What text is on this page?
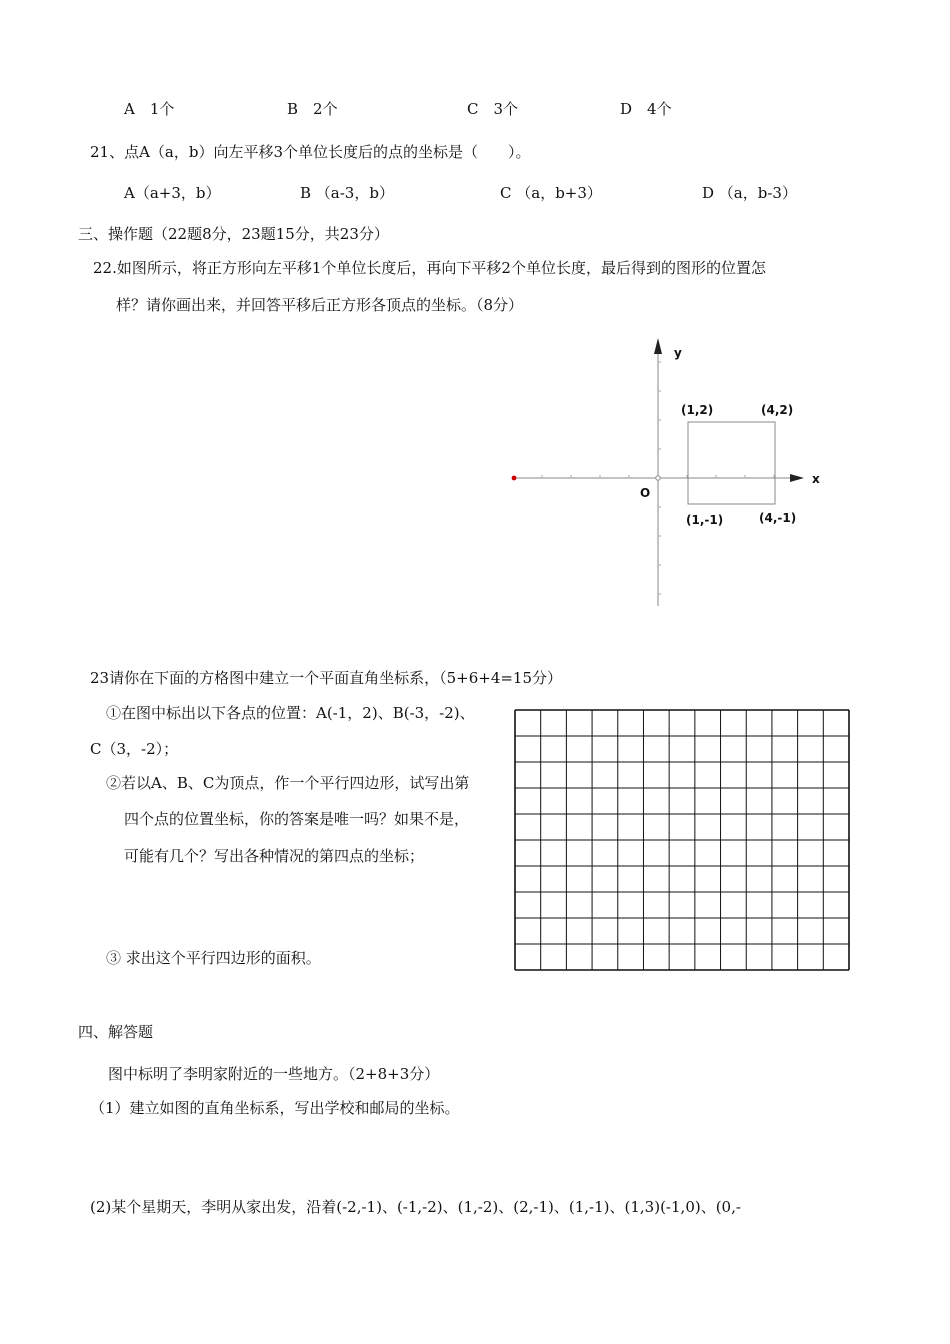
A　1个	B　2个	C　3个	D　4个
21、点A（a，b）向左平移3个单位长度后的点的坐标是（　　）。
A（a+3，b）	B （a-3，b）	C （a，b+3）	D （a，b-3）
三、操作题（22题8分，23题15分，共23分）
22.如图所示，将正方形向左平移1个单位长度后，再向下平移2个单位长度，最后得到的图形的位置怎
样？请你画出来，并回答平移后正方形各顶点的坐标。（8分）
y
x
O
(1,2)	(4,2)
(1,-1)	(4,-1)
23请你在下面的方格图中建立一个平面直角坐标系，（5+6+4=15分）
①在图中标出以下各点的位置：A(-1，2)、B(-3，-2)、
C（3，-2）；
②若以A、B、C为顶点，作一个平行四边形，试写出第
四个点的位置坐标，你的答案是唯一吗？如果不是，
可能有几个？写出各种情况的第四点的坐标；
③ 求出这个平行四边形的面积。
四、解答题
图中标明了李明家附近的一些地方。（2+8+3分）
（1）建立如图的直角坐标系，写出学校和邮局的坐标。
(2)某个星期天，李明从家出发，沿着(-2,-1)、(-1,-2)、(1,-2)、(2,-1)、(1,-1)、(1,3)(-1,0)、(0,-
